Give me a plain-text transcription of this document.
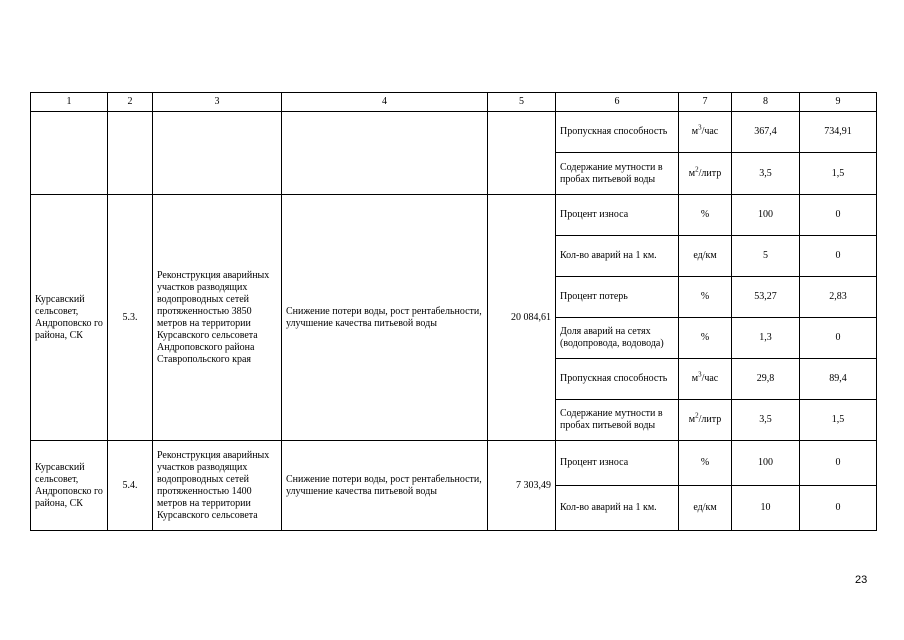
1	2	3	4	5	6	7	8	9
					Пропускная способность	$м^3$/час	367,4	734,91
					Содержание мутности в пробах питьевой воды	$м^2$/литр	3,5	1,5
Курсавский сельсовет, Андроповско го района, СК	5.3.	Реконструкция аварийных участков разводящих водопроводных сетей протяженностью 3850 метров на территории Курсавского сельсовета Андроповского района Ставропольского края	Снижение потери воды, рост рентабельности, улучшение качества питьевой воды	20 084,61	Процент износа	%	100	0
					Кол-во аварий на 1 км.	ед/км	5	0
					Процент потерь	%	53,27	2,83
					Доля аварий на сетях (водопровода, водовода)	%	1,3	0
					Пропускная способность	$м^3$/час	29,8	89,4
					Содержание мутности в пробах питьевой воды	$м^2$/литр	3,5	1,5
Курсавский сельсовет, Андроповско го района, СК	5.4.	Реконструкция аварийных участков разводящих водопроводных сетей протяженностью 1400 метров на территории Курсавского сельсовета	Снижение потери воды, рост рентабельности, улучшение качества питьевой воды	7 303,49	Процент износа	%	100	0
					Кол-во аварий на 1 км.	ед/км	10	0
23
